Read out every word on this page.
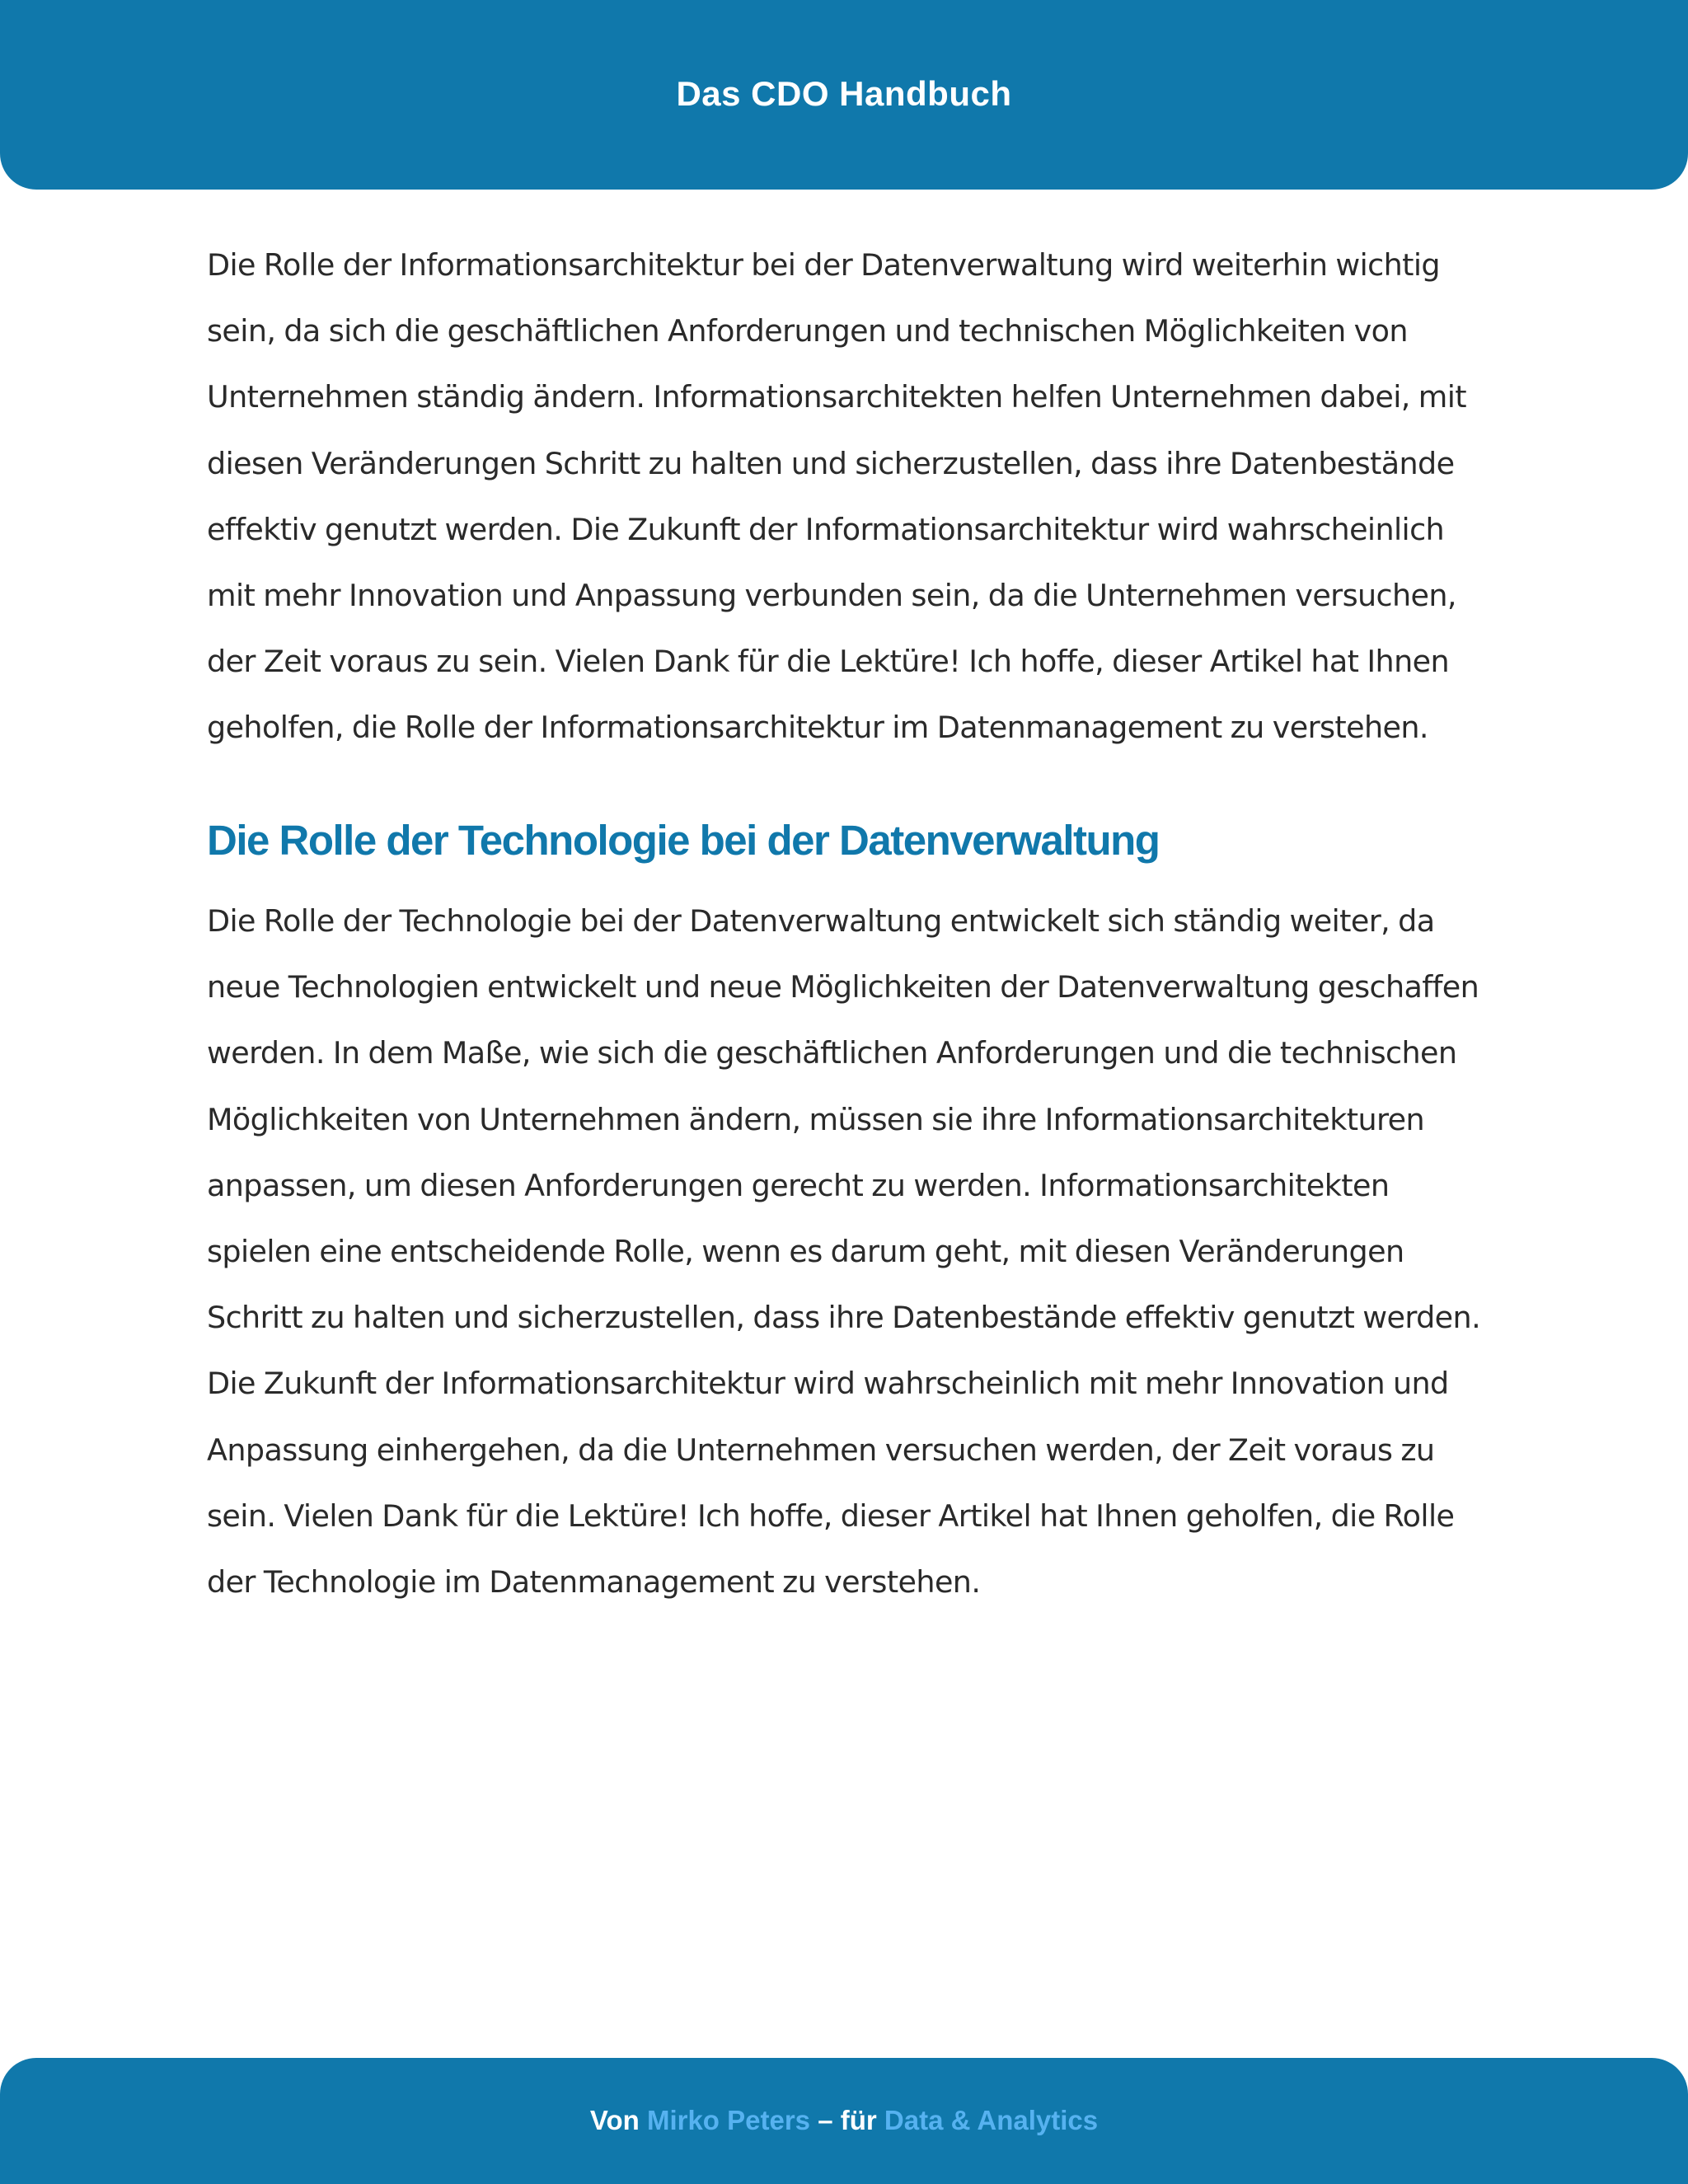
Das CDO Handbuch

Die Rolle der Informationsarchitektur bei der Datenverwaltung wird weiterhin wichtig sein, da sich die geschäftlichen Anforderungen und technischen Möglichkeiten von Unternehmen ständig ändern. Informationsarchitekten helfen Unternehmen dabei, mit diesen Veränderungen Schritt zu halten und sicherzustellen, dass ihre Datenbestände effektiv genutzt werden. Die Zukunft der Informationsarchitektur wird wahrscheinlich mit mehr Innovation und Anpassung verbunden sein, da die Unternehmen versuchen, der Zeit voraus zu sein. Vielen Dank für die Lektüre! Ich hoffe, dieser Artikel hat Ihnen geholfen, die Rolle der Informationsarchitektur im Datenmanagement zu verstehen.

Die Rolle der Technologie bei der Datenverwaltung

Die Rolle der Technologie bei der Datenverwaltung entwickelt sich ständig weiter, da neue Technologien entwickelt und neue Möglichkeiten der Datenverwaltung geschaffen werden. In dem Maße, wie sich die geschäftlichen Anforderungen und die technischen Möglichkeiten von Unternehmen ändern, müssen sie ihre Informationsarchitekturen anpassen, um diesen Anforderungen gerecht zu werden. Informationsarchitekten spielen eine entscheidende Rolle, wenn es darum geht, mit diesen Veränderungen Schritt zu halten und sicherzustellen, dass ihre Datenbestände effektiv genutzt werden. Die Zukunft der Informationsarchitektur wird wahrscheinlich mit mehr Innovation und Anpassung einhergehen, da die Unternehmen versuchen werden, der Zeit voraus zu sein. Vielen Dank für die Lektüre! Ich hoffe, dieser Artikel hat Ihnen geholfen, die Rolle der Technologie im Datenmanagement zu verstehen.

Von Mirko Peters – für Data & Analytics
